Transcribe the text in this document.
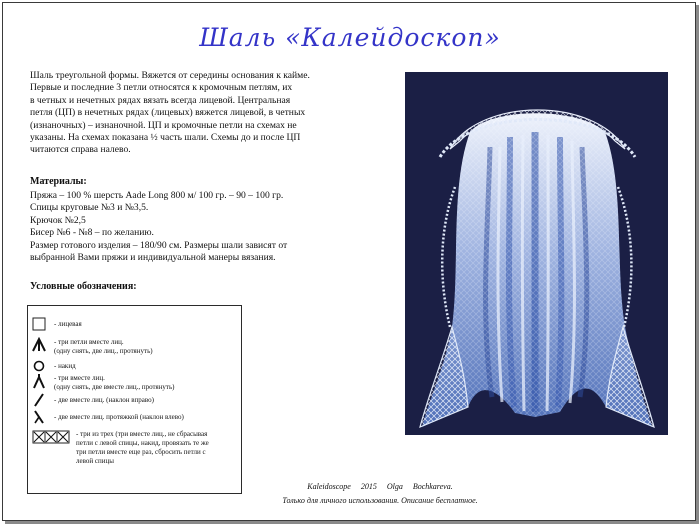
Шаль «Калейдоскоп»

Шаль треугольной формы. Вяжется от середины основания к кайме.

Первые и последние 3 петли относятся к кромочным петлям, их

в четных и нечетных рядах вязать всегда лицевой. Центральная

петля (ЦП) в нечетных рядах (лицевых) вяжется лицевой, в четных

(изнаночных) – изнаночной. ЦП и кромочные петли на схемах не

указаны. На схемах показана ½ часть шали. Схемы до и после ЦП

читаются справа налево.

Материалы:
Пряжа – 100 % шерсть Aade Long 800 м/ 100 гр. – 90 – 100 гр.
Спицы круговые №3 и №3,5.
Крючок №2,5
Бисер №6 - №8 – по желанию.
Размер готового изделия – 180/90 см. Размеры шали зависят от
выбранной Вами пряжи и индивидуальной манеры вязания.
Условные обозначения:
- лицевая
- три петли вместе лиц.
(одну снять, две лиц., протянуть)
- накид
- три вместе лиц.
(одну снять, две вместе лиц., протянуть)
- две вместе лиц. (наклон вправо)
- две вместе лиц. протяжкой (наклон влево)
- три из трех (три вместе лиц., не сбрасывая
петли с левой спицы, накид, провязать те же
три петли вместе еще раз, сбросить петли с
левой спицы
Kaleidoscope 2015 Olga Bochkareva.
Только для личного использования. Описание бесплатное.
